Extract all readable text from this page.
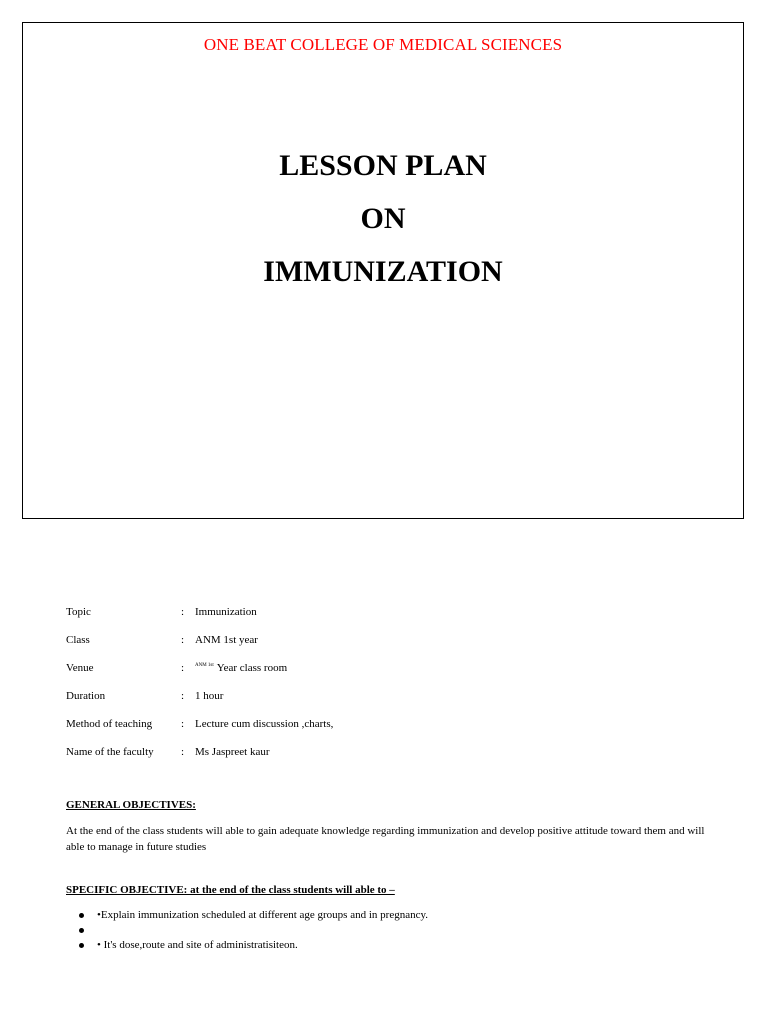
ONE BEAT COLLEGE OF MEDICAL SCIENCES
LESSON PLAN
ON
IMMUNIZATION
Topic	: Immunization
Class	: ANM 1st year
Venue	: $^{ANM 1st}$ Year class room
Duration	: 1 hour
Method of teaching	: Lecture cum discussion ,charts,
Name of the faculty : Ms Jaspreet kaur
GENERAL OBJECTIVES:
At the end of the class students will able to gain adequate knowledge regarding immunization and develop positive attitude toward them and will able to manage in future studies
SPECIFIC OBJECTIVE: at the end of the class students will able to –
•Explain immunization scheduled at different age groups and in pregnancy.
• It's dose,route and site of administratisiteon.
